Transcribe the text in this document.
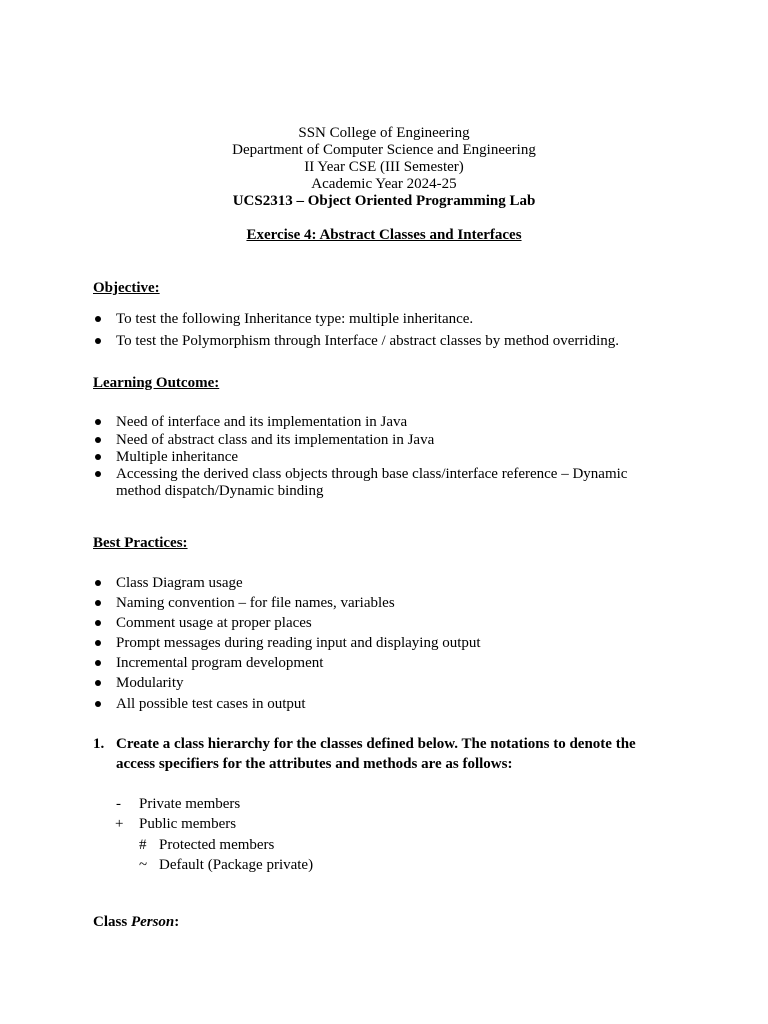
SSN College of Engineering
Department of Computer Science and Engineering
II Year CSE (III Semester)
Academic Year 2024-25
UCS2313 – Object Oriented Programming Lab
Exercise 4: Abstract Classes and Interfaces
Objective:
To test the following Inheritance type: multiple inheritance.
To test the Polymorphism through Interface / abstract classes by method overriding.
Learning Outcome:
Need of interface and its implementation in Java
Need of abstract class and its implementation in Java
Multiple inheritance
Accessing the derived class objects through base class/interface reference – Dynamic
method dispatch/Dynamic binding
Best Practices:
Class Diagram usage
Naming convention – for file names, variables
Comment usage at proper places
Prompt messages during reading input and displaying output
Incremental program development
Modularity
All possible test cases in output
1. Create a class hierarchy for the classes defined below. The notations to denote the
access specifiers for the attributes and methods are as follows:
- Private members
+ Public members
# Protected members
~ Default (Package private)
Class Person:
